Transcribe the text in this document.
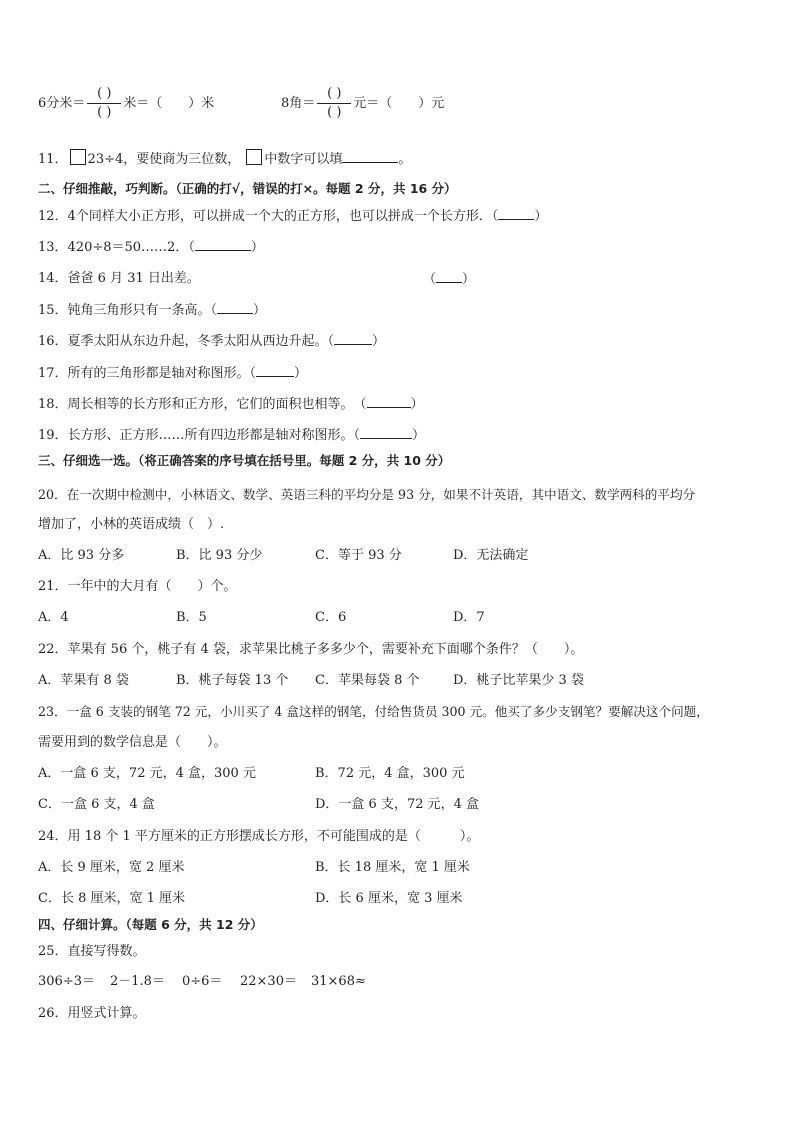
6分米＝ $\frac{( )}{( )}$ 米＝（　　）米	8角＝ $\frac{( )}{( )}$ 元＝（　　）元
11． 23÷4，要使商为三位数， 中数字可以填	。
二、仔细推敲，巧判断。（正确的打√，错误的打×。每题 2 分，共 16 分）
12．4个同样大小正方形，可以拼成一个大的正方形，也可以拼成一个长方形．（	）
13．420÷8＝50……2．（	）
14．爸爸 6 月 31 日出差。	（ ）
15．钝角三角形只有一条高。（	）
16．夏季太阳从东边升起，冬季太阳从西边升起。（	）
17．所有的三角形都是轴对称图形。（	）
18．周长相等的长方形和正方形，它们的面积也相等。　（	）
19．长方形、正方形……所有四边形都是轴对称图形。（	）
三、仔细选一选。（将正确答案的序号填在括号里。每题 2 分，共 10 分）
20．在一次期中检测中，小林语文、数学、英语三科的平均分是 93 分，如果不计英语，其中语文、数学两科的平均分
增加了，小林的英语成绩（　）.
A．比 93 分多	B．比 93 分少	C．等于 93 分	D．无法确定
21．一年中的大月有（　　）个。
A．4	B．5	C．6	D．7
22．苹果有 56 个，桃子有 4 袋，求苹果比桃子多多少个，需要补充下面哪个条件？（　　）。
A．苹果有 8 袋	B．桃子每袋 13 个 C．苹果每袋 8 个	D．桃子比苹果少 3 袋
23．一盒 6 支装的钢笔 72 元，小川买了 4 盒这样的钢笔，付给售货员 300 元。他买了多少支钢笔？要解决这个问题，
需要用到的数学信息是（　　）。
A．一盒 6 支，72 元，4 盒，300 元	B．72 元，4 盒，300 元
C．一盒 6 支，4 盒	D．一盒 6 支，72 元，4 盒
24．用 18 个 1 平方厘米的正方形摆成长方形，不可能围成的是（　　　）。
A．长 9 厘米，宽 2 厘米	B．长 18 厘米，宽 1 厘米
C．长 8 厘米，宽 1 厘米	D．长 6 厘米，宽 3 厘米
四、仔细计算。（每题 6 分，共 12 分）
25．直接写得数。
306÷3＝ 2－1.8＝ 0÷6＝ 22×30＝ 31×68≈
26．用竖式计算。
